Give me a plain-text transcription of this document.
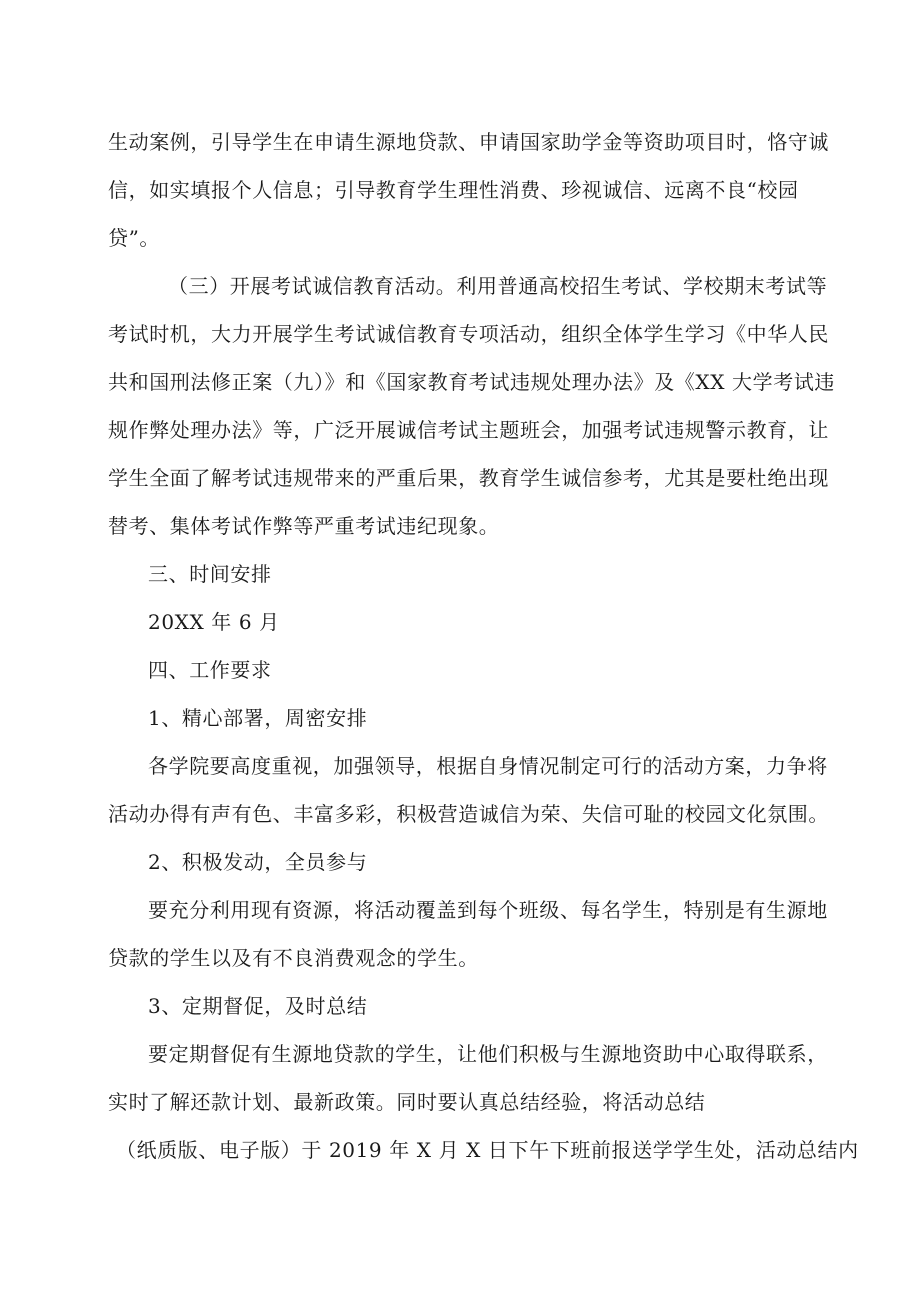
生动案例，引导学生在申请生源地贷款、申请国家助学金等资助项目时，恪守诚
信，如实填报个人信息；引导教育学生理性消费、珍视诚信、远离不良“校园
贷”。
（三）开展考试诚信教育活动。利用普通高校招生考试、学校期末考试等
考试时机，大力开展学生考试诚信教育专项活动，组织全体学生学习《中华人民
共和国刑法修正案（九）》和《国家教育考试违规处理办法》及《XX 大学考试违
规作弊处理办法》等，广泛开展诚信考试主题班会，加强考试违规警示教育，让
学生全面了解考试违规带来的严重后果，教育学生诚信参考，尤其是要杜绝出现
替考、集体考试作弊等严重考试违纪现象。
三、时间安排
20XX 年 6 月
四、工作要求
1、精心部署，周密安排
各学院要高度重视，加强领导，根据自身情况制定可行的活动方案，力争将
活动办得有声有色、丰富多彩，积极营造诚信为荣、失信可耻的校园文化氛围。
2、积极发动，全员参与
要充分利用现有资源，将活动覆盖到每个班级、每名学生，特别是有生源地
贷款的学生以及有不良消费观念的学生。
3、定期督促，及时总结
要定期督促有生源地贷款的学生，让他们积极与生源地资助中心取得联系，
实时了解还款计划、最新政策。同时要认真总结经验，将活动总结
（纸质版、电子版）于 2019 年 X 月 X 日下午下班前报送学学生处，活动总结内
